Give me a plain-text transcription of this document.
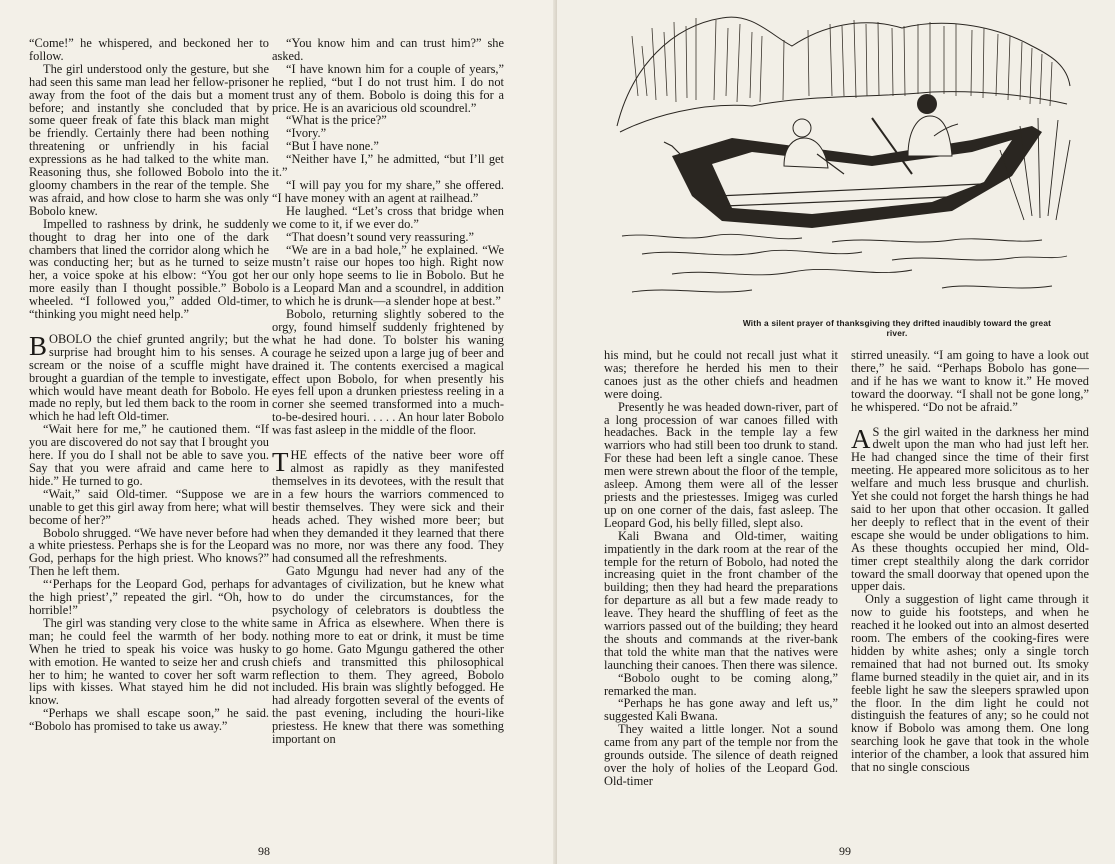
“Come!” he whispered, and beckoned her to follow.

The girl understood only the gesture, but she had seen this same man lead her fellow-prisoner away from the foot of the dais but a moment before; and instantly she concluded that by some queer freak of fate this black man might be friendly. Certainly there had been nothing threatening or unfriendly in his facial expressions as he had talked to the white man. Reasoning thus, she followed Bobolo into the gloomy chambers in the rear of the temple. She was afraid, and how close to harm she was only Bobolo knew.

Impelled to rashness by drink, he suddenly thought to drag her into one of the dark chambers that lined the corridor along which he was conducting her; but as he turned to seize her, a voice spoke at his elbow: “You got her more easily than I thought possible.” Bobolo wheeled. “I followed you,” added Old-timer, “thinking you might need help.”

BOBOLO the chief grunted angrily; but the surprise had brought him to his senses. A scream or the noise of a scuffle might have brought a guardian of the temple to investigate, which would have meant death for Bobolo. He made no reply, but led them back to the room in which he had left Old-timer.

“Wait here for me,” he cautioned them. “If you are discovered do not say that I brought you here. If you do I shall not be able to save you. Say that you were afraid and came here to hide.” He turned to go.

“Wait,” said Old-timer. “Suppose we are unable to get this girl away from here; what will become of her?”

Bobolo shrugged. “We have never before had a white priestess. Perhaps she is for the Leopard God, perhaps for the high priest. Who knows?” Then he left them.

“‘Perhaps for the Leopard God, perhaps for the high priest’,” repeated the girl. “Oh, how horrible!”

The girl was standing very close to the white man; he could feel the warmth of her body. When he tried to speak his voice was husky with emotion. He wanted to seize her and crush her to him; he wanted to cover her soft warm lips with kisses. What stayed him he did not know.

“Perhaps we shall escape soon,” he said. “Bobolo has promised to take us away.”

“You know him and can trust him?” she asked.

“I have known him for a couple of years,” he replied, “but I do not trust him. I do not trust any of them. Bobolo is doing this for a price. He is an avaricious old scoundrel.”

“What is the price?”

“Ivory.”

“But I have none.”

“Neither have I,” he admitted, “but I’ll get it.”

“I will pay you for my share,” she offered. “I have money with an agent at railhead.”

He laughed. “Let’s cross that bridge when we come to it, if we ever do.”

“That doesn’t sound very reassuring.”

“We are in a bad hole,” he explained. “We mustn’t raise our hopes too high. Right now our only hope seems to lie in Bobolo. But he is a Leopard Man and a scoundrel, in addition to which he is drunk—a slender hope at best.”

Bobolo, returning slightly sobered to the orgy, found himself suddenly frightened by what he had done. To bolster his waning courage he seized upon a large jug of beer and drained it. The contents exercised a magical effect upon Bobolo, for when presently his eyes fell upon a drunken priestess reeling in a corner she seemed transformed into a much-to-be-desired houri. . . . . An hour later Bobolo was fast asleep in the middle of the floor.

THE effects of the native beer wore off almost as rapidly as they manifested themselves in its devotees, with the result that in a few hours the warriors commenced to bestir themselves. They were sick and their heads ached. They wished more beer; but when they demanded it they learned that there was no more, nor was there any food. They had consumed all the refreshments.

Gato Mgungu had never had any of the advantages of civilization, but he knew what to do under the circumstances, for the psychology of celebrators is doubtless the same in Africa as elsewhere. When there is nothing more to eat or drink, it must be time to go home. Gato Mgungu gathered the other chiefs and transmitted this philosophical reflection to them. They agreed, Bobolo included. His brain was slightly befogged. He had already forgotten several of the events of the past evening, including the houri-like priestess. He knew that there was something important on

98
With a silent prayer of thanksgiving they drifted inaudibly toward the great river.

his mind, but he could not recall just what it was; therefore he herded his men to their canoes just as the other chiefs and headmen were doing.

Presently he was headed down-river, part of a long procession of war canoes filled with headaches. Back in the temple lay a few warriors who had still been too drunk to stand. For these had been left a single canoe. These men were strewn about the floor of the temple, asleep. Among them were all of the lesser priests and the priestesses. Imigeg was curled up on one corner of the dais, fast asleep. The Leopard God, his belly filled, slept also.

Kali Bwana and Old-timer, waiting impatiently in the dark room at the rear of the temple for the return of Bobolo, had noted the increasing quiet in the front chamber of the building; then they had heard the preparations for departure as all but a few made ready to leave. They heard the shuffling of feet as the warriors passed out of the building; they heard the shouts and commands at the river-bank that told the white man that the natives were launching their canoes. Then there was silence.

“Bobolo ought to be coming along,” remarked the man.

“Perhaps he has gone away and left us,” suggested Kali Bwana.

They waited a little longer. Not a sound came from any part of the temple nor from the grounds outside. The silence of death reigned over the holy of holies of the Leopard God. Old-timer

stirred uneasily. “I am going to have a look out there,” he said. “Perhaps Bobolo has gone—and if he has we want to know it.” He moved toward the doorway. “I shall not be gone long,” he whispered. “Do not be afraid.”

A S the girl waited in the darkness her mind dwelt upon the man who had just left her. He had changed since the time of their first meeting. He appeared more solicitous as to her welfare and much less brusque and churlish. Yet she could not forget the harsh things he had said to her upon that other occasion. It galled her deeply to reflect that in the event of their escape she would be under obligations to him. As these thoughts occupied her mind, Old-timer crept stealthily along the dark corridor toward the small doorway that opened upon the upper dais.

Only a suggestion of light came through it now to guide his footsteps, and when he reached it he looked out into an almost deserted room. The embers of the cooking-fires were hidden by white ashes; only a single torch remained that had not burned out. Its smoky flame burned steadily in the quiet air, and in its feeble light he saw the sleepers sprawled upon the floor. In the dim light he could not distinguish the features of any; so he could not know if Bobolo was among them. One long searching look he gave that took in the whole interior of the chamber, a look that assured him that no single conscious

99
